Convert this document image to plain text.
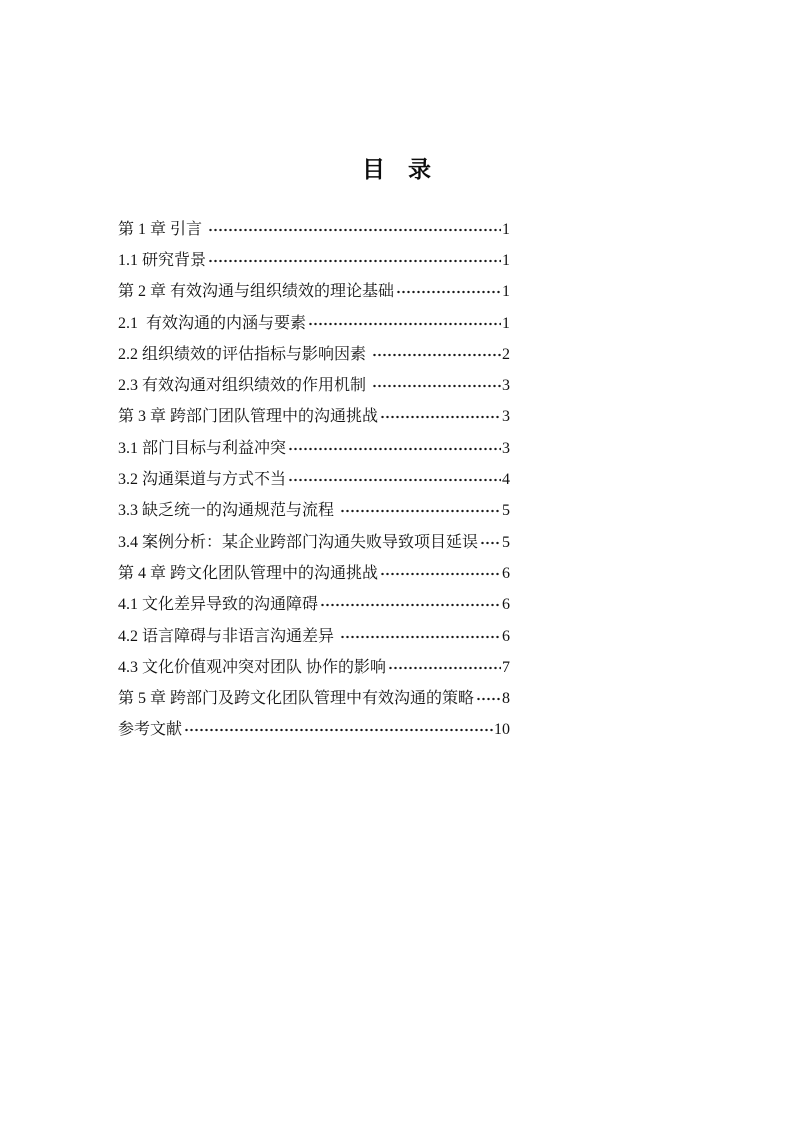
目　录
第 1 章 引言	1
1.1 研究背景	1
第 2 章 有效沟通与组织绩效的理论基础	1
2.1  有效沟通的内涵与要素	1
2.2 组织绩效的评估指标与影响因素	2
2.3 有效沟通对组织绩效的作用机制	3
第 3 章 跨部门团队管理中的沟通挑战	3
3.1 部门目标与利益冲突	3
3.2 沟通渠道与方式不当	4
3.3 缺乏统一的沟通规范与流程	5
3.4 案例分析：某企业跨部门沟通失败导致项目延误 5
第 4 章 跨文化团队管理中的沟通挑战	6
4.1 文化差异导致的沟通障碍	6
4.2 语言障碍与非语言沟通差异	6
4.3 文化价值观冲突对团队 协作的影响	7
第 5 章 跨部门及跨文化团队管理中有效沟通的策略 8
参考文献	10
